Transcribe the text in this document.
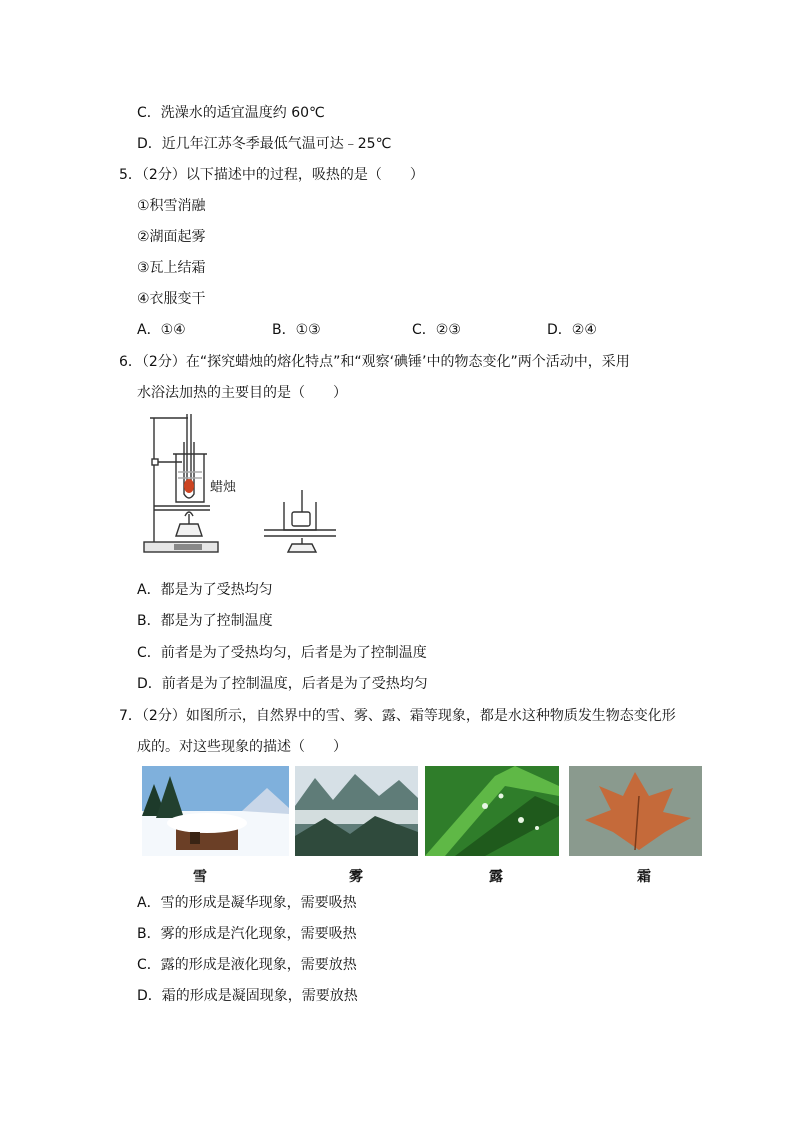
C．洗澡水的适宜温度约 60℃
D．近几年江苏冬季最低气温可达﹣25℃
5．（2分）以下描述中的过程，吸热的是（　　）
①积雪消融
②湖面起雾
③瓦上结霜
④衣服变干
A．①④	B．①③	C．②③	D．②④
6．（2分）在“探究蜡烛的熔化特点”和“观察‘碘锤’中的物态变化”两个活动中，采用
水浴法加热的主要目的是（　　）
蜡烛
A．都是为了受热均匀
B．都是为了控制温度
C．前者是为了受热均匀，后者是为了控制温度
D．前者是为了控制温度，后者是为了受热均匀
7．（2分）如图所示，自然界中的雪、雾、露、霜等现象，都是水这种物质发生物态变化形
成的。对这些现象的描述（　　）
雪	雾	露	霜
A．雪的形成是凝华现象，需要吸热
B．雾的形成是汽化现象，需要吸热
C．露的形成是液化现象，需要放热
D．霜的形成是凝固现象，需要放热
